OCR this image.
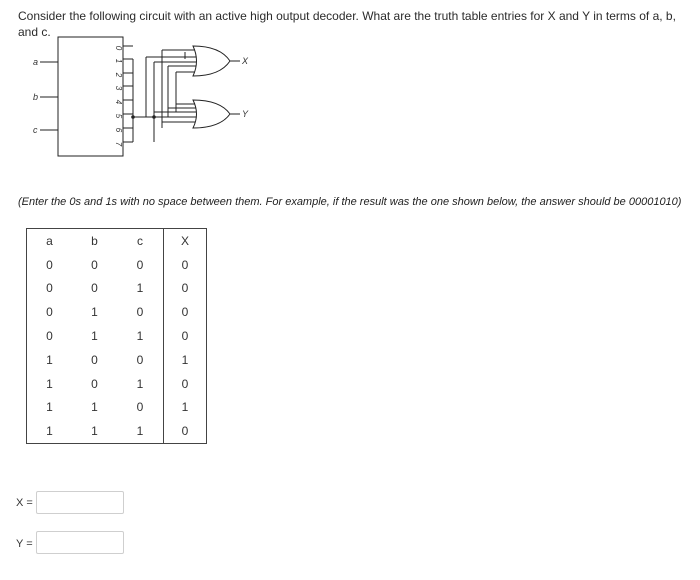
Consider the following circuit with an active high output decoder. What are the truth table entries for X and Y in terms of a, b, and c.
a
b
c
0
1
2
3
4
5
6
7
X
Y
(Enter the 0s and 1s with no space between them. For example, if the result was the one shown below, the answer should be 00001010)
a	b	c	X
0	0	0	0
0	0	1	0
0	1	0	0
0	1	1	0
1	0	0	1
1	0	1	0
1	1	0	1
1	1	1	0
X =
Y =
